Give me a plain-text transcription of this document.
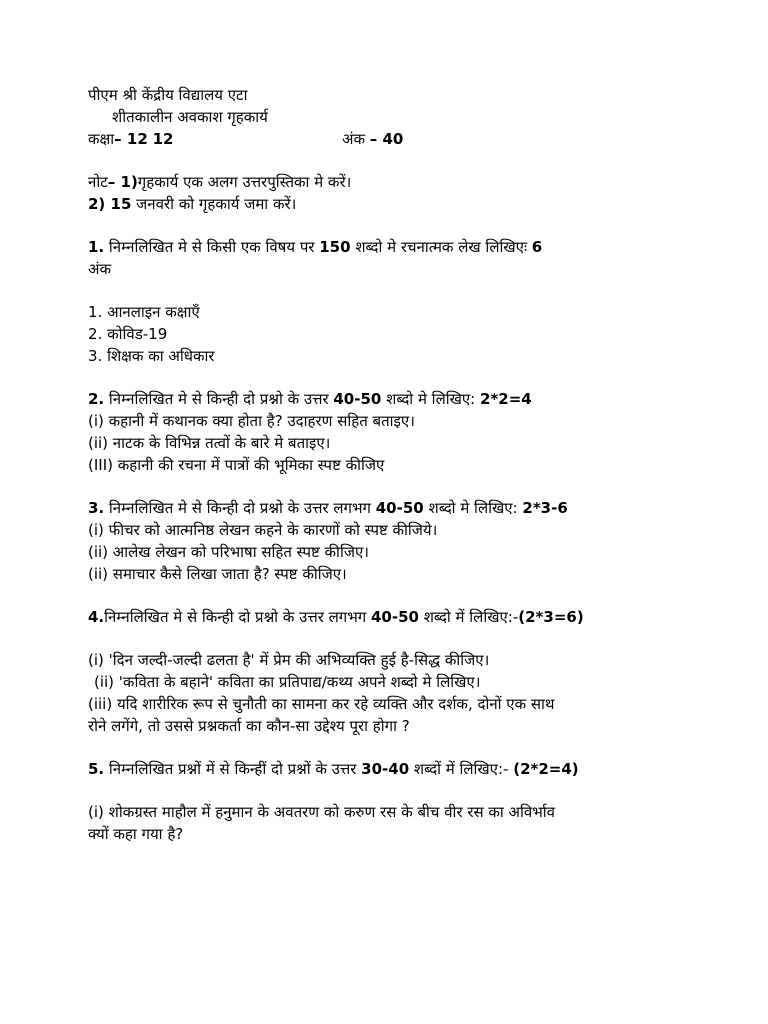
पीएम श्री केंद्रीय विद्यालय एटा
शीतकालीन अवकाश गृहकार्य
कक्षा– 12 12	अंक – 40
नोट– 1)गृहकार्य एक अलग उत्तरपुस्तिका मे करें।
2) 15 जनवरी को गृहकार्य जमा करें।
1. निम्नलिखित मे से किसी एक विषय पर 150 शब्दो मे रचनात्मक लेख लिखिएः 6
अंक
1. आनलाइन कक्षाएँ
2. कोविड-19
3. शिक्षक का अधिकार
2. निम्नलिखित मे से किन्ही दो प्रश्नो के उत्तर 40-50 शब्दो मे लिखिए: 2*2=4
(i) कहानी में कथानक क्या होता है? उदाहरण सहित बताइए।
(ii) नाटक के विभिन्न तत्वों के बारे मे बताइए।
(III) कहानी की रचना में पात्रों की भूमिका स्पष्ट कीजिए
3. निम्नलिखित मे से किन्ही दो प्रश्नो के उत्तर लगभग 40-50 शब्दो मे लिखिए: 2*3-6
(i) फीचर को आत्मनिष्ठ लेखन कहने के कारणों को स्पष्ट कीजिये।
(ii) आलेख लेखन को परिभाषा सहित स्पष्ट कीजिए।
(ii) समाचार कैसे लिखा जाता है? स्पष्ट कीजिए।
4.निम्नलिखित मे से किन्ही दो प्रश्नो के उत्तर लगभग 40-50 शब्दो में लिखिए:-(2*3=6)
(i) 'दिन जल्दी-जल्दी ढलता है' में प्रेम की अभिव्यक्ति हुई है-सिद्ध कीजिए।
(ii) 'कविता के बहाने' कविता का प्रतिपाद्य/कथ्य अपने शब्दो मे लिखिए।
(iii) यदि शारीरिक रूप से चुनौती का सामना कर रहे व्यक्ति और दर्शक, दोनों एक साथ
रोने लगेंगे, तो उससे प्रश्नकर्ता का कौन-सा उद्देश्य पूरा होगा ?
5. निम्नलिखित प्रश्नों में से किन्हीं दो प्रश्नों के उत्तर 30-40 शब्दों में लिखिए:- (2*2=4)
(i) शोकग्रस्त माहौल में हनुमान के अवतरण को करुण रस के बीच वीर रस का अविर्भाव
क्यों कहा गया है?
